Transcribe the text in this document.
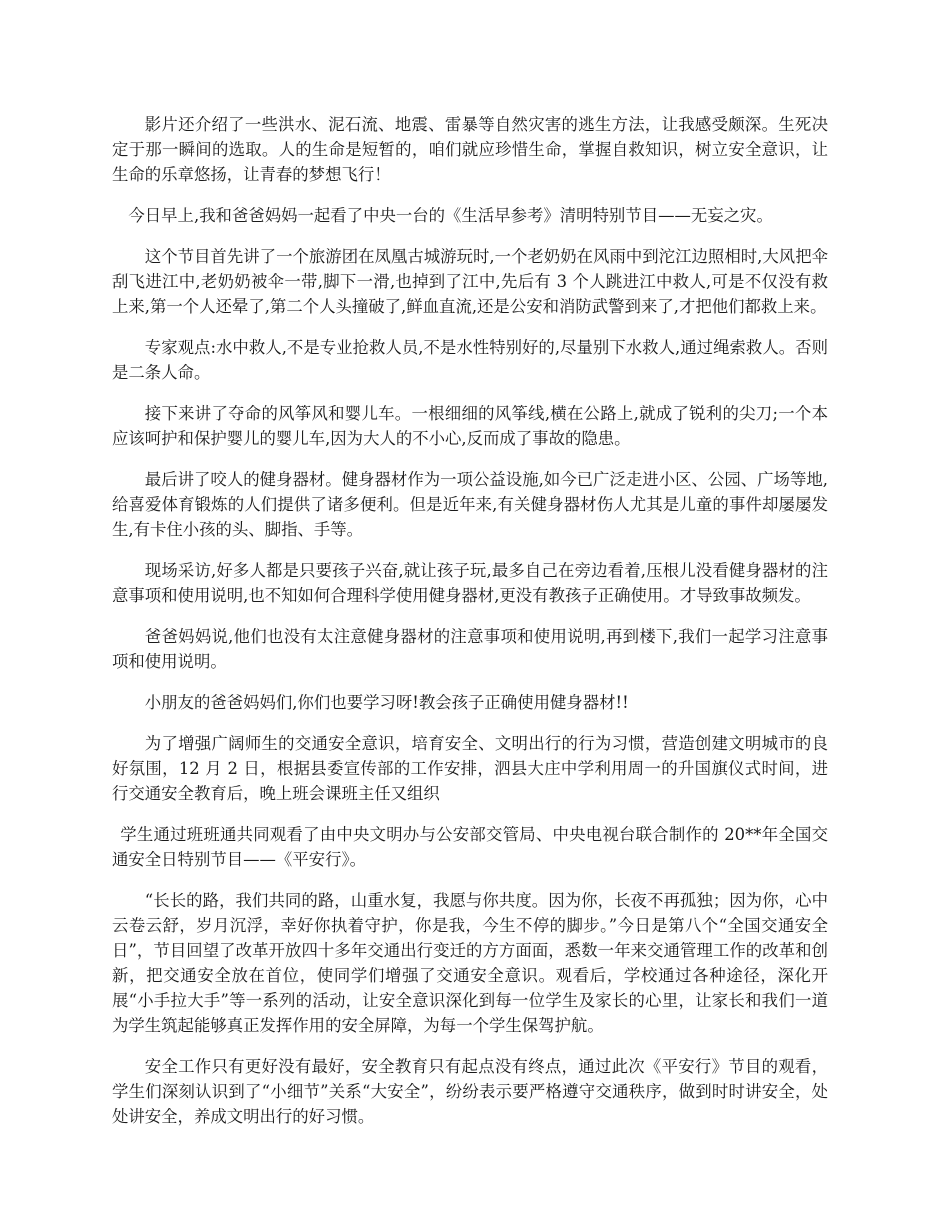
影片还介绍了一些洪水、泥石流、地震、雷暴等自然灾害的逃生方法，让我感受颇深。生死决定于那一瞬间的选取。人的生命是短暂的，咱们就应珍惜生命，掌握自救知识，树立安全意识，让生命的乐章悠扬，让青春的梦想飞行！

今日早上,我和爸爸妈妈一起看了中央一台的《生活早参考》清明特别节目——无妄之灾。

这个节目首先讲了一个旅游团在凤凰古城游玩时,一个老奶奶在风雨中到沱江边照相时,大风把伞刮飞进江中,老奶奶被伞一带,脚下一滑,也掉到了江中,先后有 3 个人跳进江中救人,可是不仅没有救上来,第一个人还晕了,第二个人头撞破了,鲜血直流,还是公安和消防武警到来了,才把他们都救上来。

专家观点:水中救人,不是专业抢救人员,不是水性特别好的,尽量别下水救人,通过绳索救人。否则是二条人命。

接下来讲了夺命的风筝风和婴儿车。一根细细的风筝线,横在公路上,就成了锐利的尖刀;一个本应该呵护和保护婴儿的婴儿车,因为大人的不小心,反而成了事故的隐患。

最后讲了咬人的健身器材。健身器材作为一项公益设施,如今已广泛走进小区、公园、广场等地,给喜爱体育锻炼的人们提供了诸多便利。但是近年来,有关健身器材伤人尤其是儿童的事件却屡屡发生,有卡住小孩的头、脚指、手等。

现场采访,好多人都是只要孩子兴奋,就让孩子玩,最多自己在旁边看着,压根儿没看健身器材的注意事项和使用说明,也不知如何合理科学使用健身器材,更没有教孩子正确使用。才导致事故频发。

爸爸妈妈说,他们也没有太注意健身器材的注意事项和使用说明,再到楼下,我们一起学习注意事项和使用说明。

小朋友的爸爸妈妈们,你们也要学习呀!教会孩子正确使用健身器材!!

为了增强广阔师生的交通安全意识，培育安全、文明出行的行为习惯，营造创建文明城市的良好氛围，12 月 2 日，根据县委宣传部的工作安排，泗县大庄中学利用周一的升国旗仪式时间，进行交通安全教育后，晚上班会课班主任又组织

学生通过班班通共同观看了由中央文明办与公安部交管局、中央电视台联合制作的 20**年全国交通安全日特别节目——《平安行》。

“长长的路，我们共同的路，山重水复，我愿与你共度。因为你，长夜不再孤独；因为你，心中云卷云舒，岁月沉浮，幸好你执着守护，你是我，今生不停的脚步。”今日是第八个“全国交通安全日”，节目回望了改革开放四十多年交通出行变迁的方方面面，悉数一年来交通管理工作的改革和创新，把交通安全放在首位，使同学们增强了交通安全意识。观看后，学校通过各种途径，深化开展“小手拉大手”等一系列的活动，让安全意识深化到每一位学生及家长的心里，让家长和我们一道为学生筑起能够真正发挥作用的安全屏障，为每一个学生保驾护航。

安全工作只有更好没有最好，安全教育只有起点没有终点，通过此次《平安行》节目的观看，学生们深刻认识到了“小细节”关系“大安全”，纷纷表示要严格遵守交通秩序，做到时时讲安全，处处讲安全，养成文明出行的好习惯。
